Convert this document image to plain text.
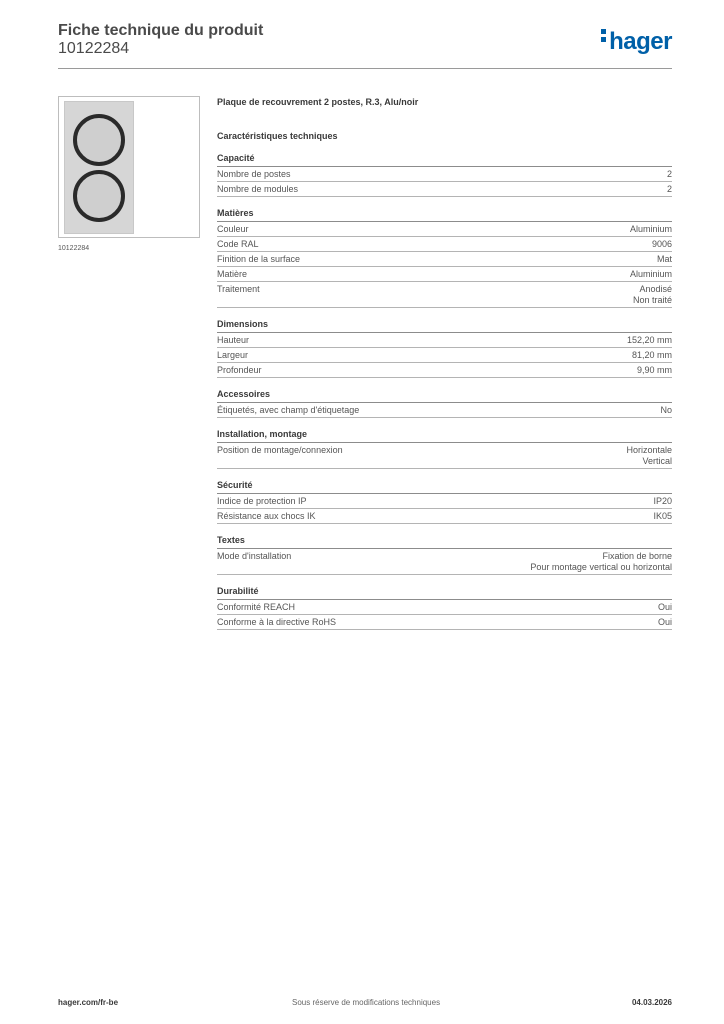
Fiche technique du produit
10122284	hager
10122284
Plaque de recouvrement 2 postes, R.3, Alu/noir
Caractéristiques techniques
Capacité
Nombre de postes	2
Nombre de modules	2
Matières
Couleur	Aluminium
Code RAL	9006
Finition de la surface	Mat
Matière	Aluminium
Traitement	Anodisé
Non traité
Dimensions
Hauteur	152,20 mm
Largeur	81,20 mm
Profondeur	9,90 mm
Accessoires
Étiquetés, avec champ d'étiquetage	No
Installation, montage
Position de montage/connexion	Horizontale
Vertical
Sécurité
Indice de protection IP	IP20
Résistance aux chocs IK	IK05
Textes
Mode d'installation	Fixation de borne
Pour montage vertical ou horizontal
Durabilité
Conformité REACH	Oui
Conforme à la directive RoHS	Oui
hager.com/fr-be	Sous réserve de modifications techniques	04.03.2026
